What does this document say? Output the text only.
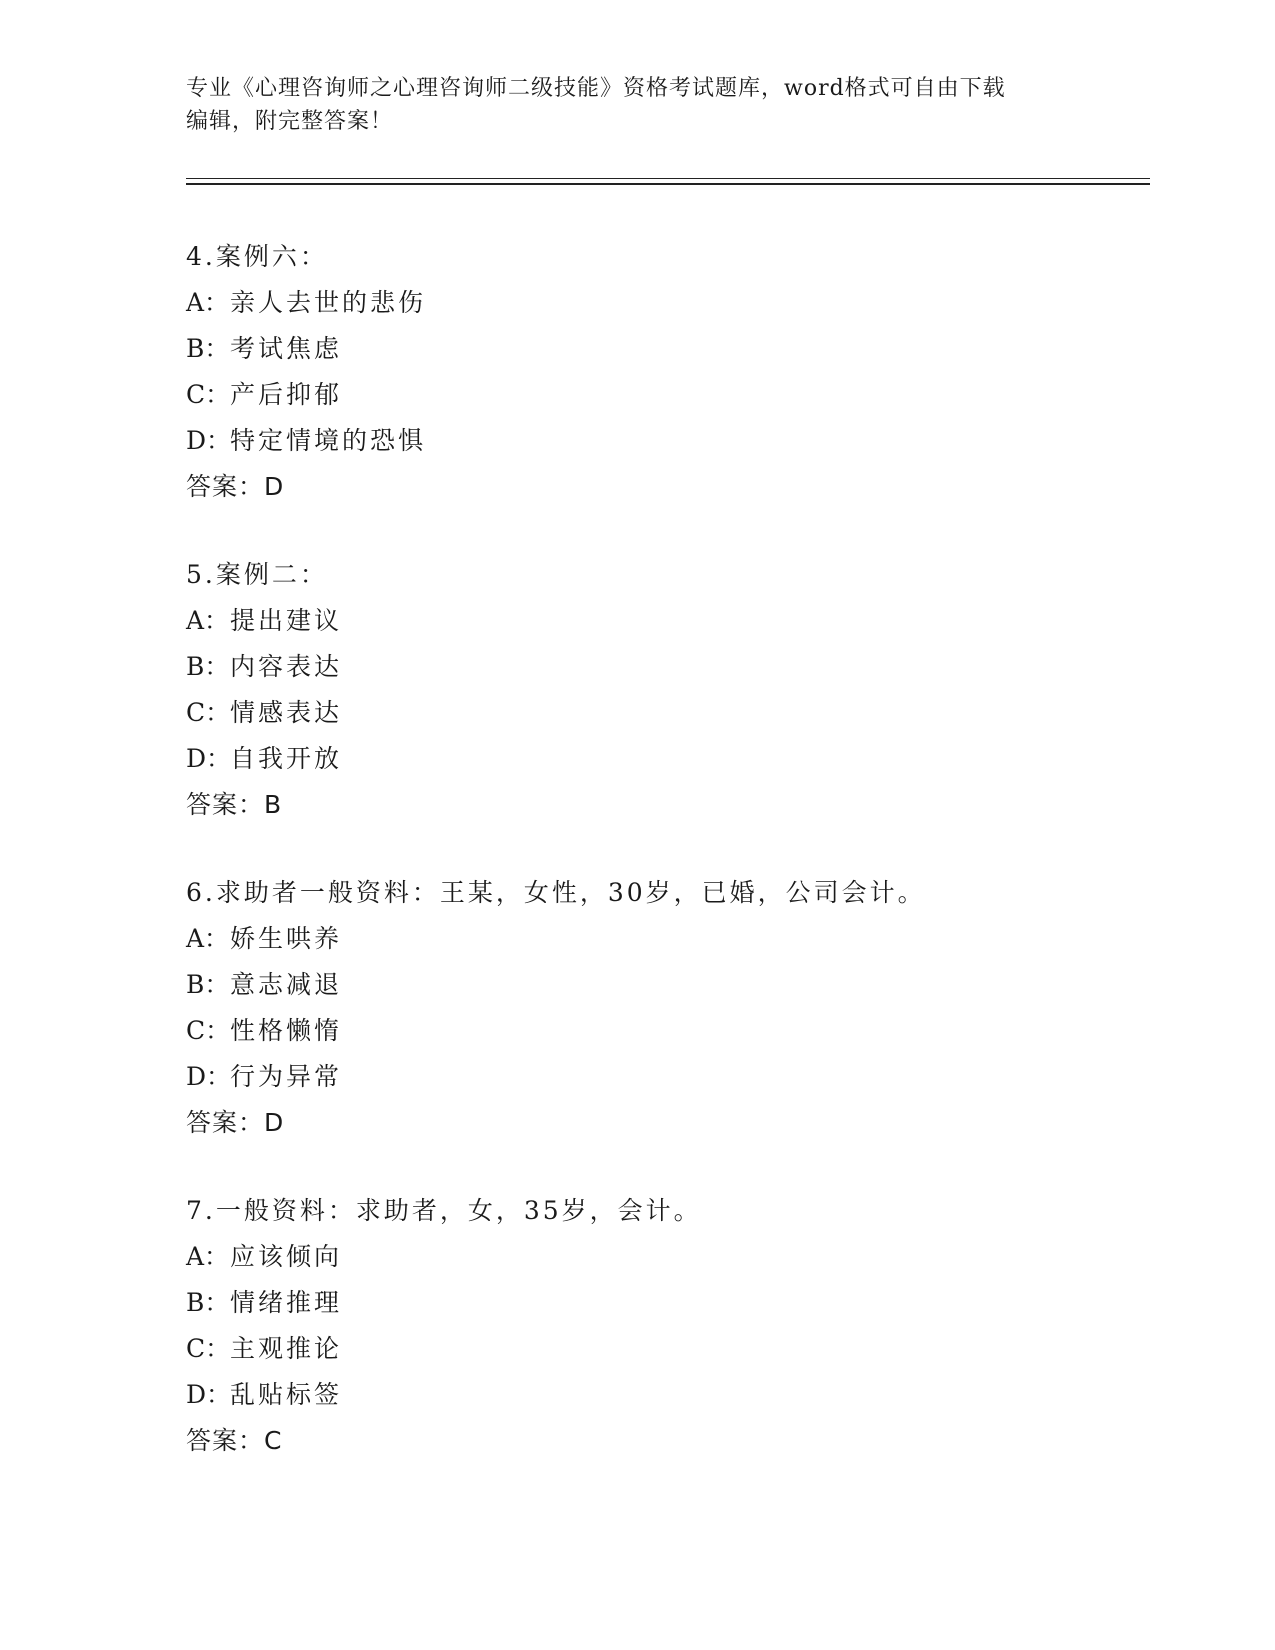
专业《心理咨询师之心理咨询师二级技能》资格考试题库，word格式可自由下载
编辑，附完整答案！
4.案例六：
A：亲人去世的悲伤
B：考试焦虑
C：产后抑郁
D：特定情境的恐惧
答案：D
5.案例二：
A：提出建议
B：内容表达
C：情感表达
D：自我开放
答案：B
6.求助者一般资料：王某，女性，30岁，已婚，公司会计。
A：娇生哄养
B：意志减退
C：性格懒惰
D：行为异常
答案：D
7.一般资料：求助者，女，35岁，会计。
A：应该倾向
B：情绪推理
C：主观推论
D：乱贴标签
答案：C
